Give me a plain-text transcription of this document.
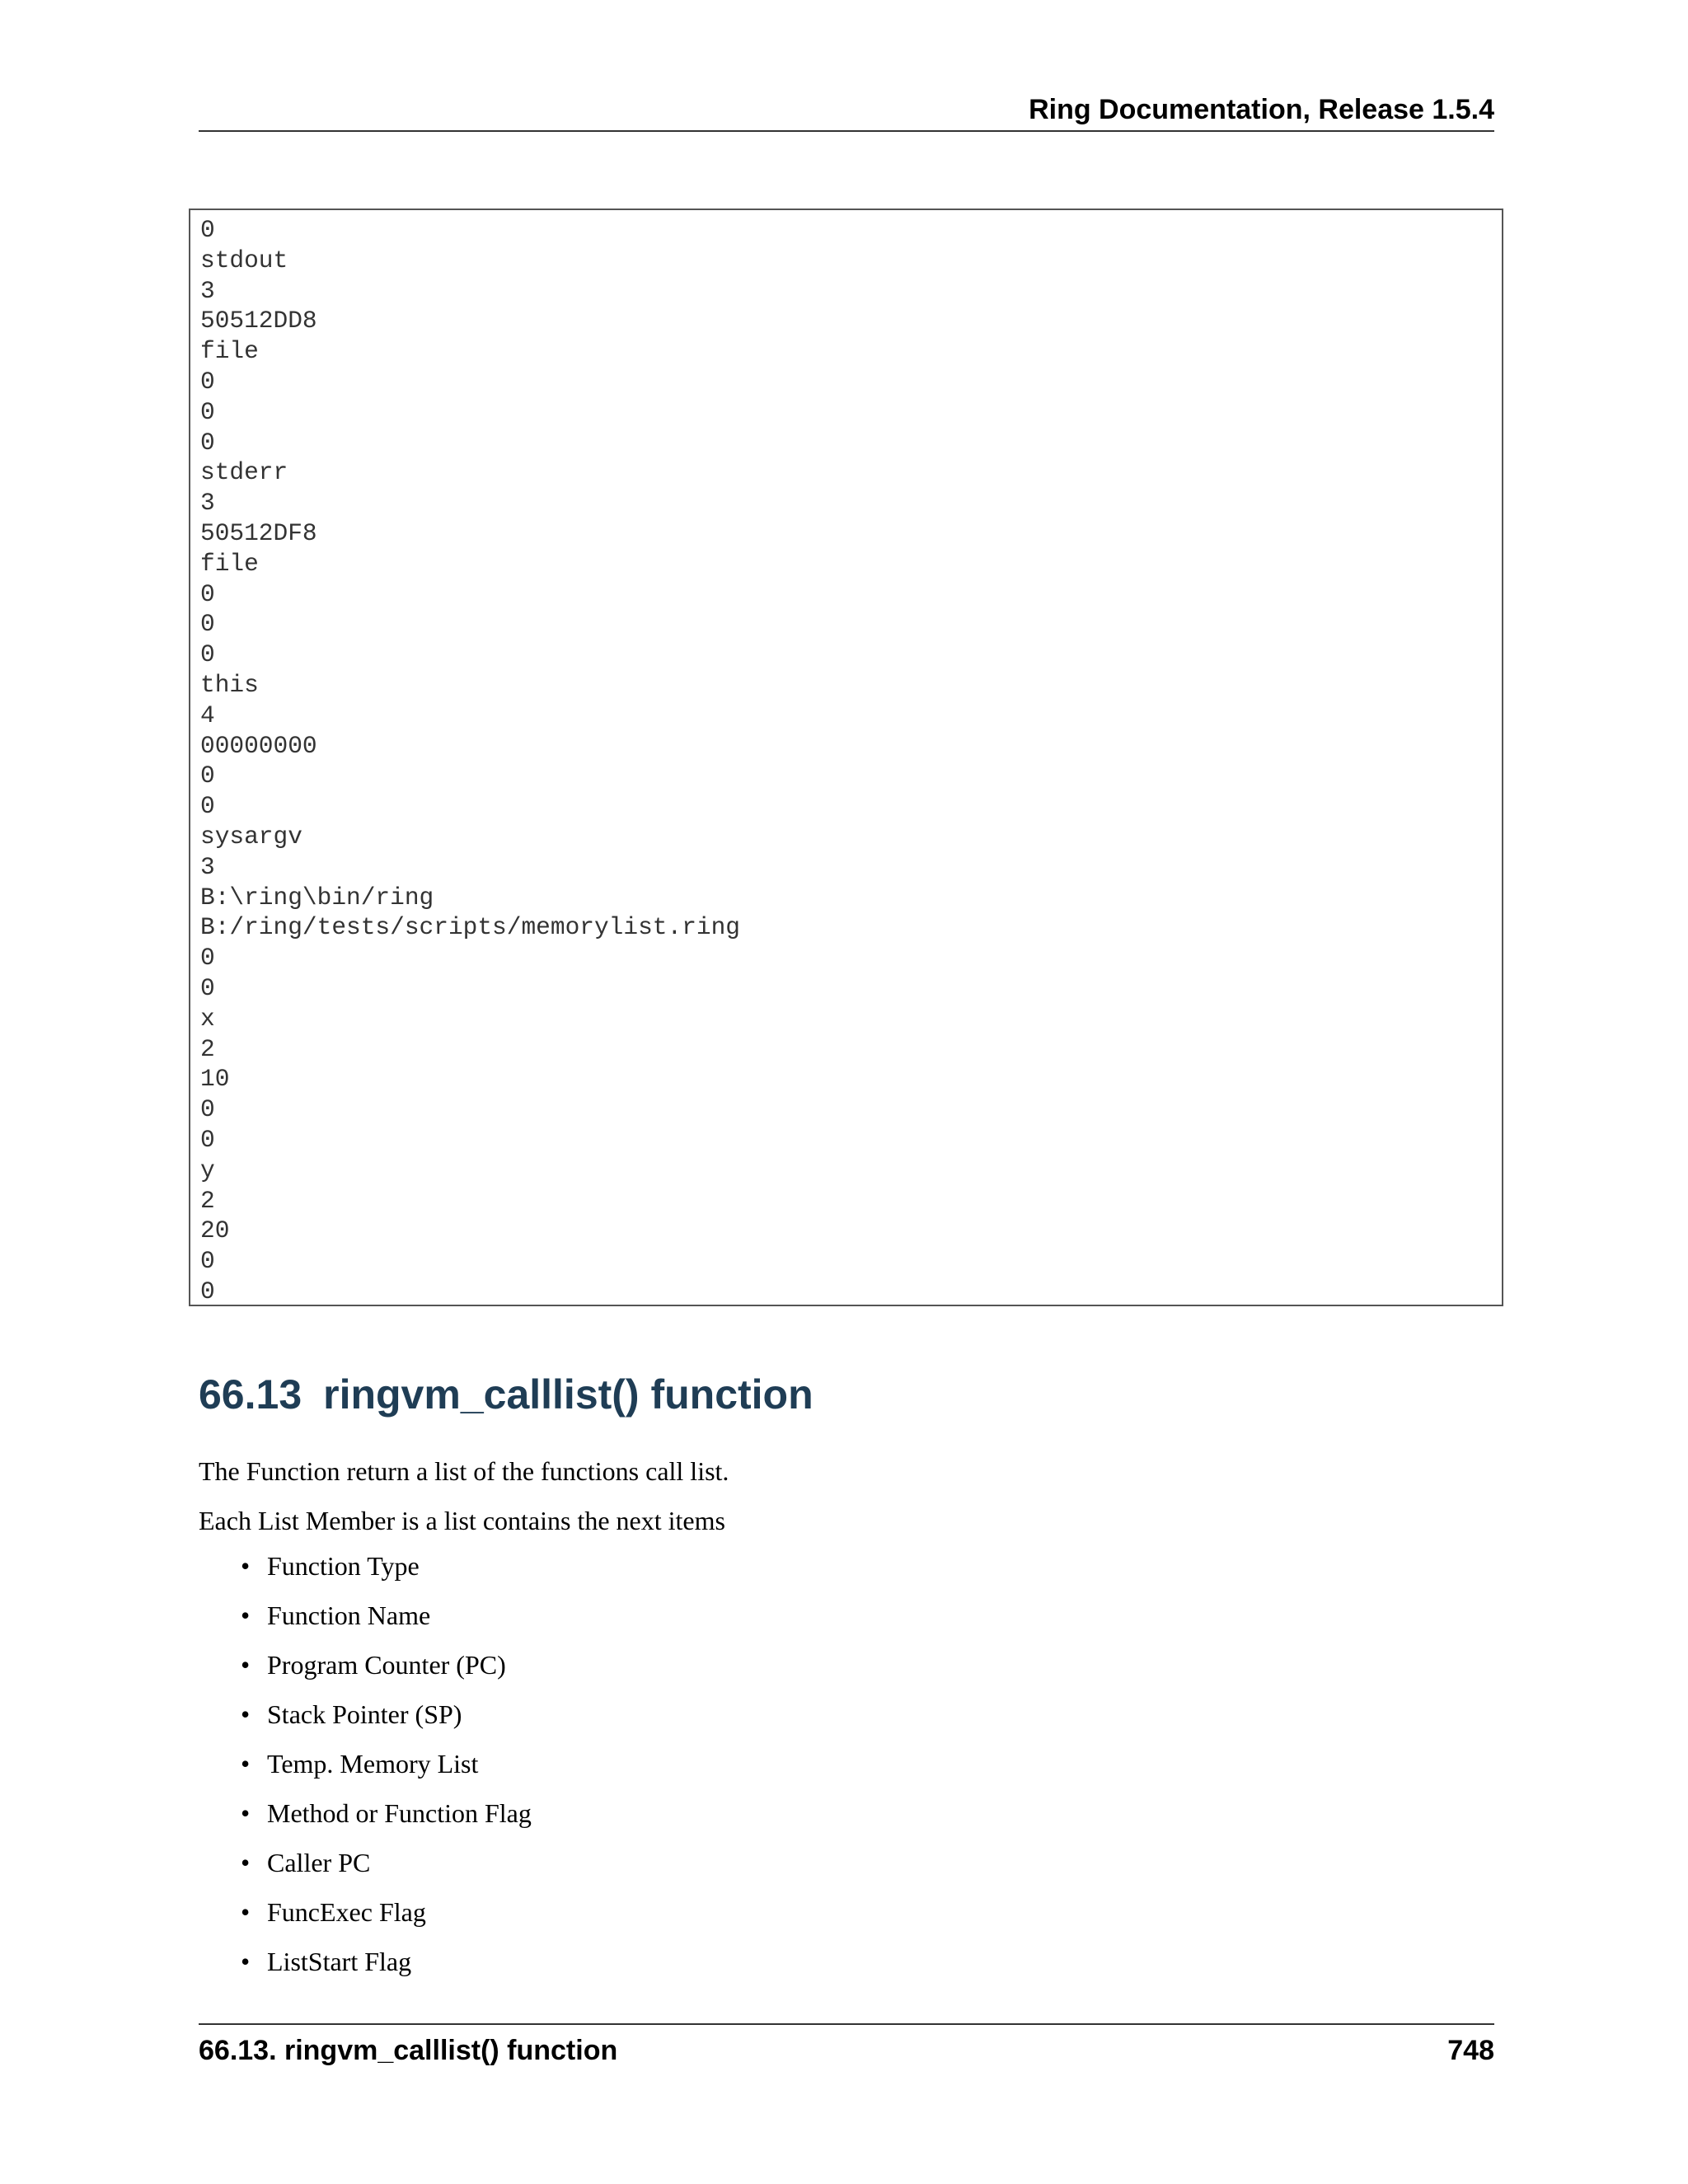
Ring Documentation, Release 1.5.4
0
stdout
3
50512DD8
file
0
0
0
stderr
3
50512DF8
file
0
0
0
this
4
00000000
0
0
sysargv
3
B:\ring\bin/ring
B:/ring/tests/scripts/memorylist.ring
0
0
x
2
10
0
0
y
2
20
0
0
66.13 ringvm_calllist() function

The Function return a list of the functions call list.

Each List Member is a list contains the next items

• Function Type
• Function Name
• Program Counter (PC)
• Stack Pointer (SP)
• Temp. Memory List
• Method or Function Flag
• Caller PC
• FuncExec Flag
• ListStart Flag
66.13. ringvm_calllist() function	748
